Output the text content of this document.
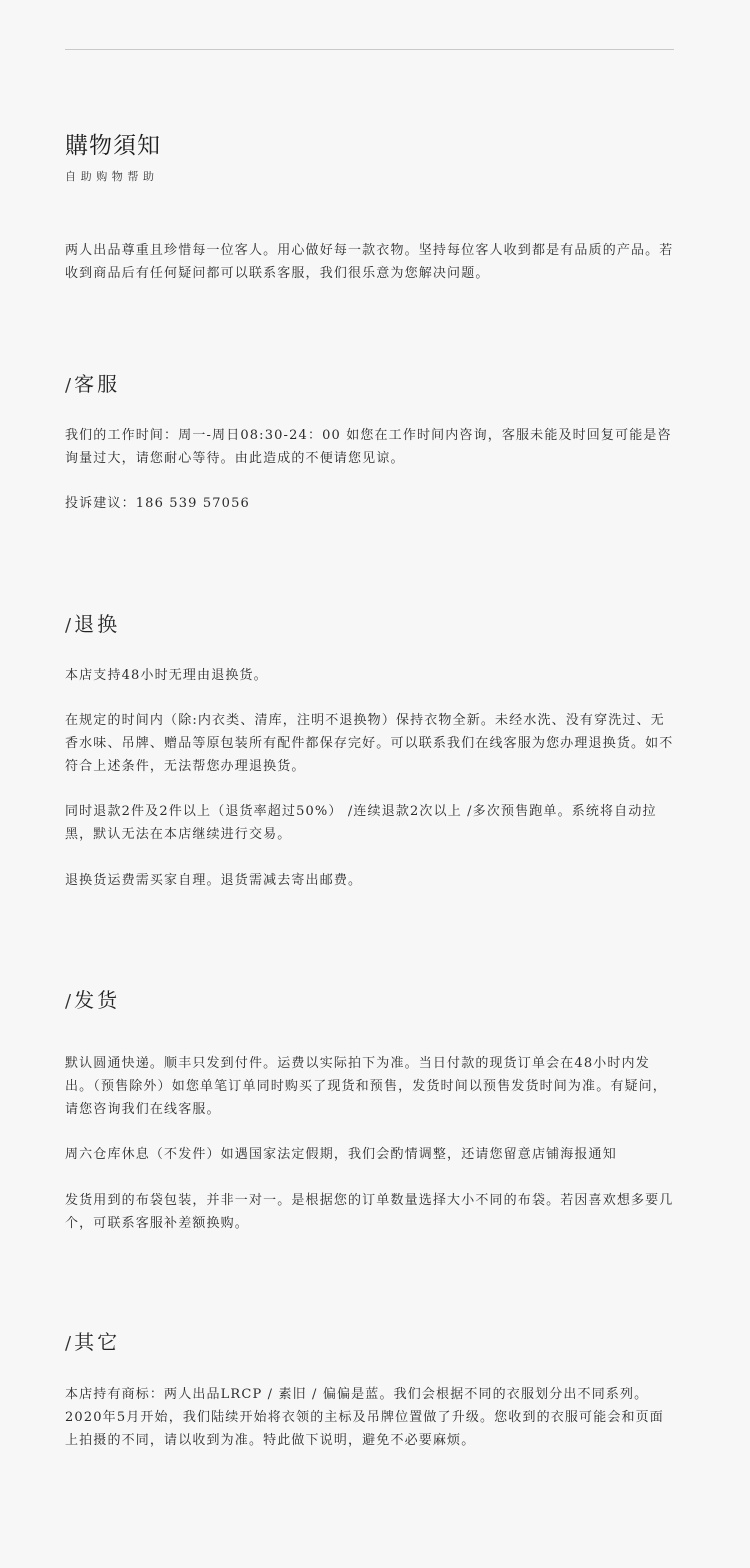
購物須知
自助购物帮助

两人出品尊重且珍惜每一位客人。用心做好每一款衣物。坚持每位客人收到都是有品质的产品。若收到商品后有任何疑问都可以联系客服，我们很乐意为您解决问题。

/ 客服

我们的工作时间：周一-周日08:30-24：00 如您在工作时间内咨询，客服未能及时回复可能是咨询量过大，请您耐心等待。由此造成的不便请您见谅。

投诉建议：186 539 57056

/ 退换

本店支持48小时无理由退换货。

在规定的时间内（除:内衣类、清库，注明不退换物）保持衣物全新。未经水洗、没有穿洗过、无香水味、吊牌、赠品等原包装所有配件都保存完好。可以联系我们在线客服为您办理退换货。如不符合上述条件，无法帮您办理退换货。

同时退款2件及2件以上（退货率超过50%） /连续退款2次以上 /多次预售跑单。系统将自动拉黑，默认无法在本店继续进行交易。

退换货运费需买家自理。退货需减去寄出邮费。

/ 发货

默认圆通快递。顺丰只发到付件。运费以实际拍下为准。当日付款的现货订单会在48小时内发出。（预售除外）如您单笔订单同时购买了现货和预售，发货时间以预售发货时间为准。有疑问，请您咨询我们在线客服。

周六仓库休息（不发件）如遇国家法定假期，我们会酌情调整，还请您留意店铺海报通知

发货用到的布袋包装，并非一对一。是根据您的订单数量选择大小不同的布袋。若因喜欢想多要几个，可联系客服补差额换购。

/ 其它

本店持有商标：两人出品LRCP / 素旧 / 偏偏是蓝。我们会根据不同的衣服划分出不同系列。2020年5月开始，我们陆续开始将衣领的主标及吊牌位置做了升级。您收到的衣服可能会和页面上拍摄的不同，请以收到为准。特此做下说明，避免不必要麻烦。
